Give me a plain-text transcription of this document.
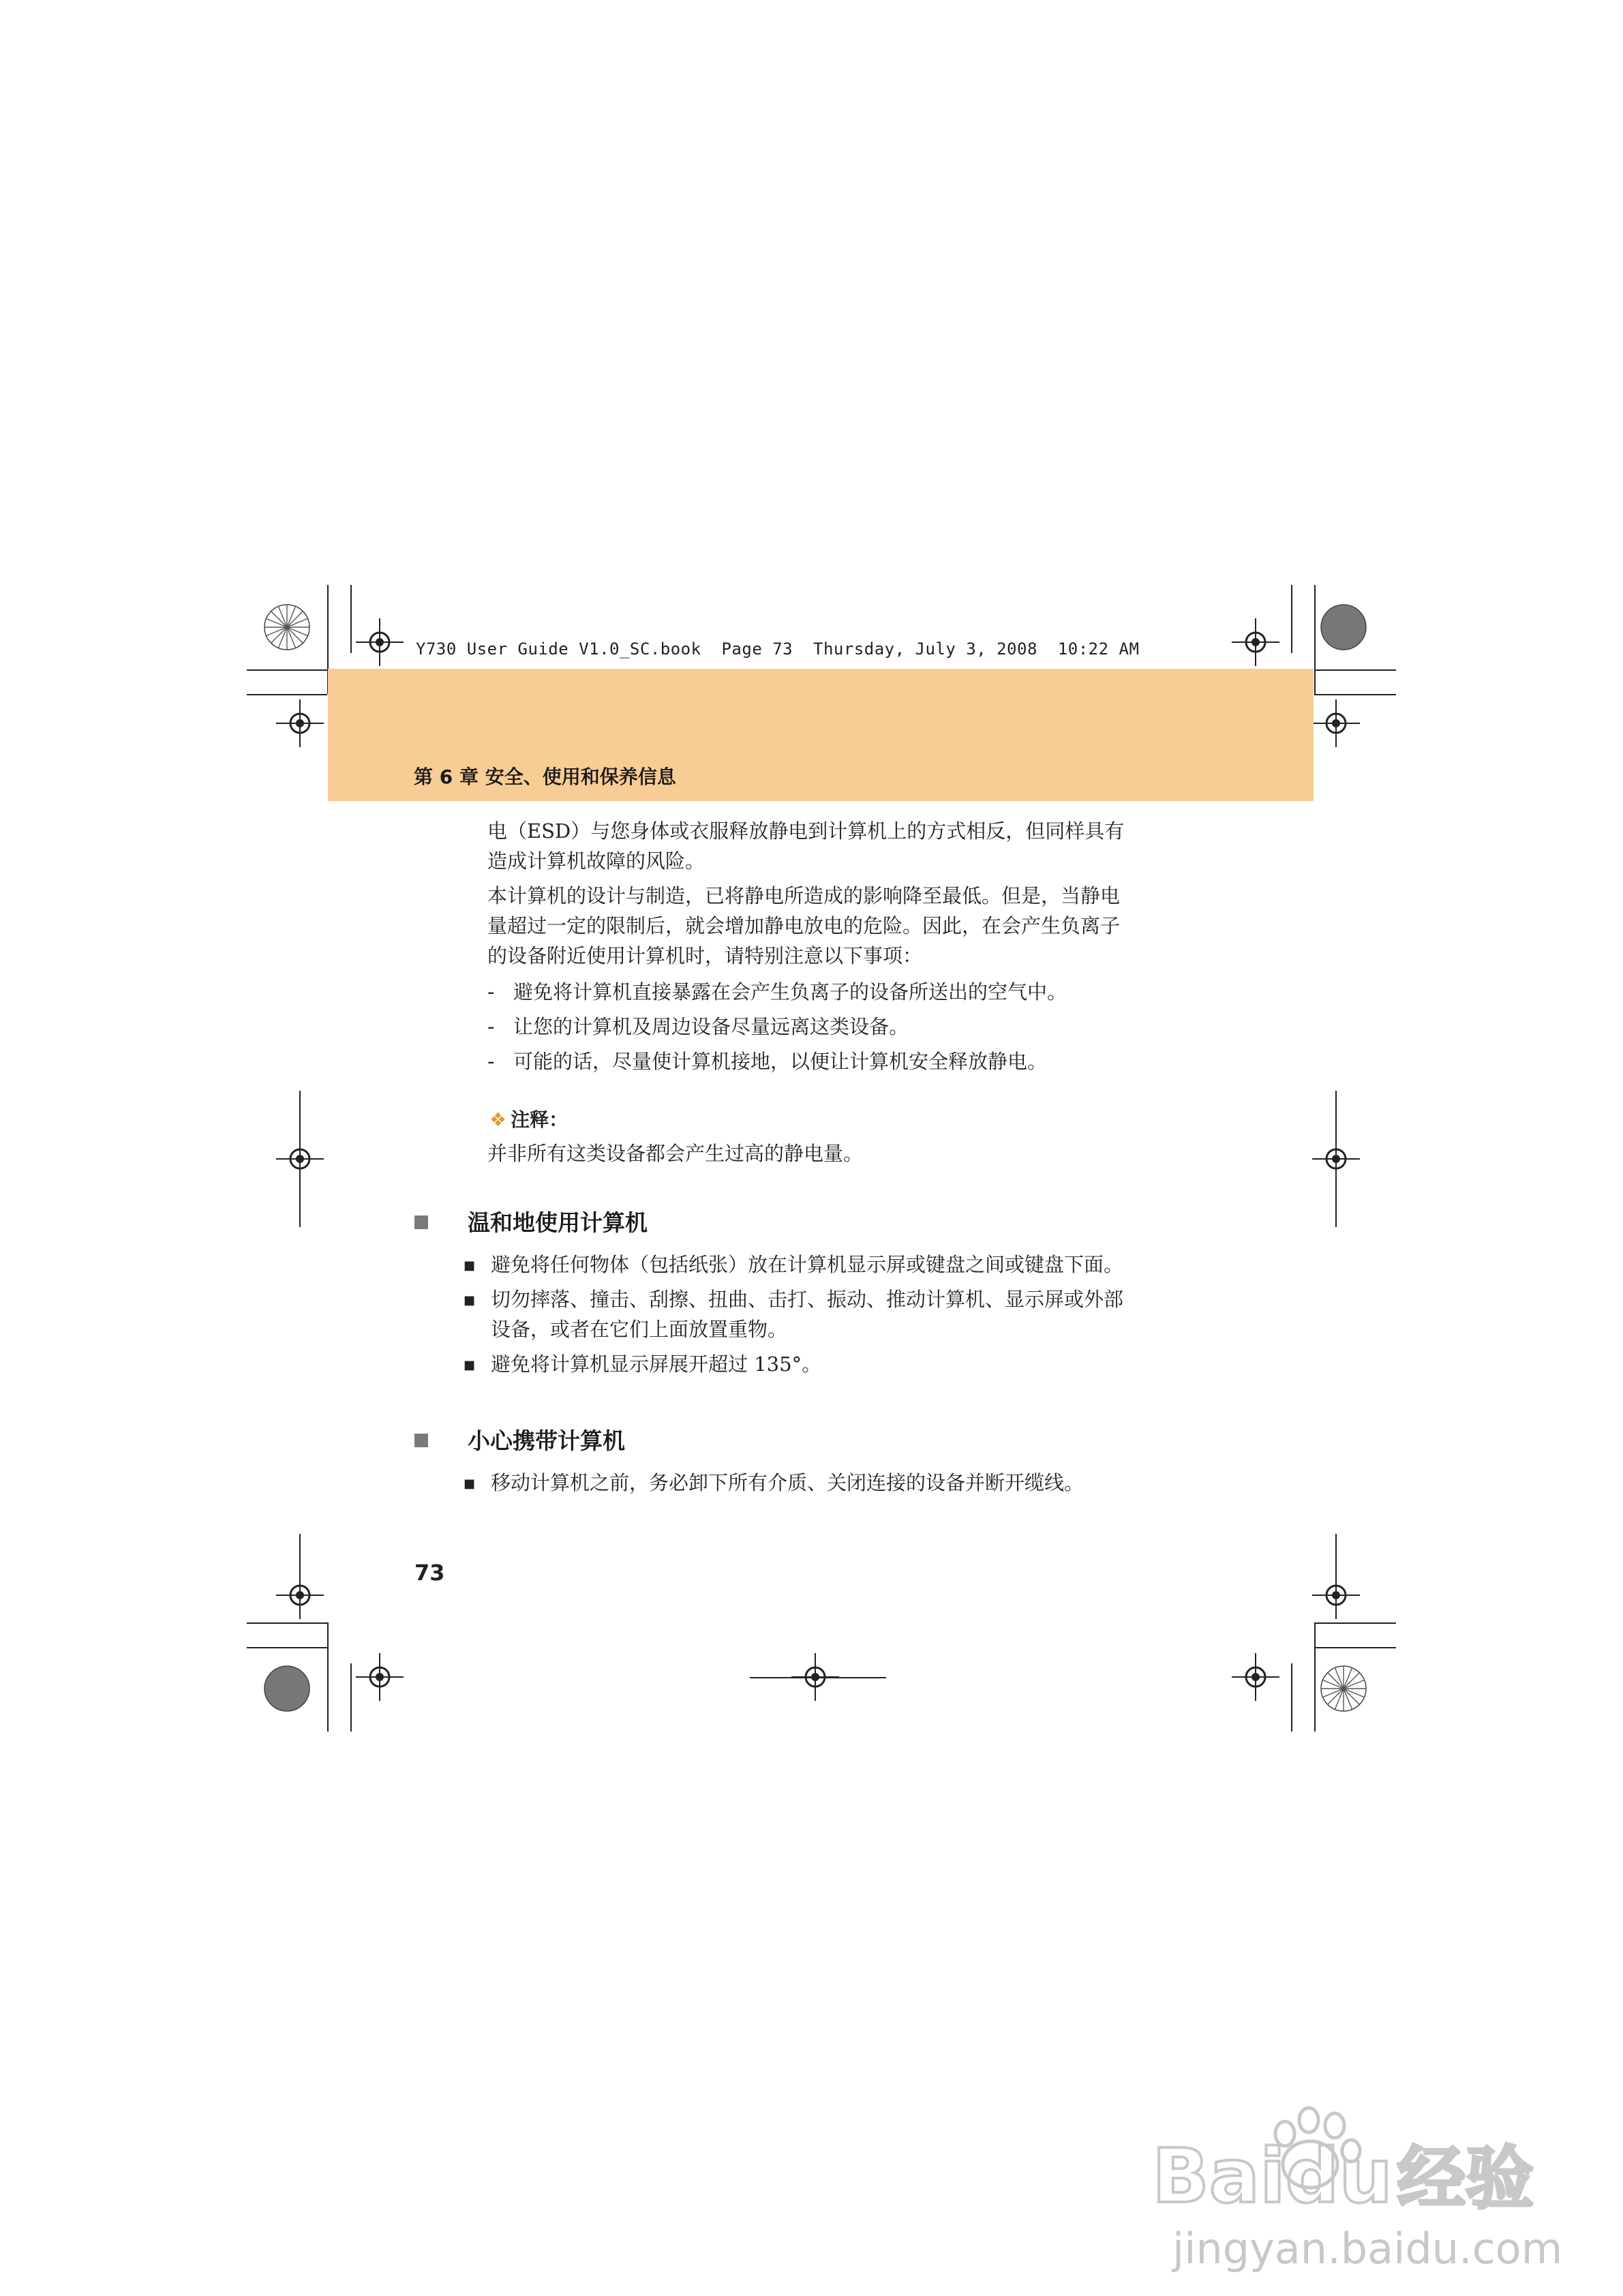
Y730 User Guide V1.0_SC.book  Page 73  Thursday, July 3, 2008  10:22 AM
第 6 章 安全、使用和保养信息
电（ESD）与您身体或衣服释放静电到计算机上的方式相反，但同样具有
造成计算机故障的风险。
本计算机的设计与制造，已将静电所造成的影响降至最低。但是，当静电
量超过一定的限制后，就会增加静电放电的危险。因此，在会产生负离子
的设备附近使用计算机时，请特别注意以下事项：
- 避免将计算机直接暴露在会产生负离子的设备所送出的空气中。
- 让您的计算机及周边设备尽量远离这类设备。
- 可能的话，尽量使计算机接地，以便让计算机安全释放静电。
❖ 注释：
并非所有这类设备都会产生过高的静电量。
温和地使用计算机
■ 避免将任何物体（包括纸张）放在计算机显示屏或键盘之间或键盘下面。
■ 切勿摔落、撞击、刮擦、扭曲、击打、振动、推动计算机、显示屏或外部
设备，或者在它们上面放置重物。
■ 避免将计算机显示屏展开超过 135°。
小心携带计算机
■ 移动计算机之前，务必卸下所有介质、关闭连接的设备并断开缆线。
73
Baidu 经验
jingyan.baidu.com
